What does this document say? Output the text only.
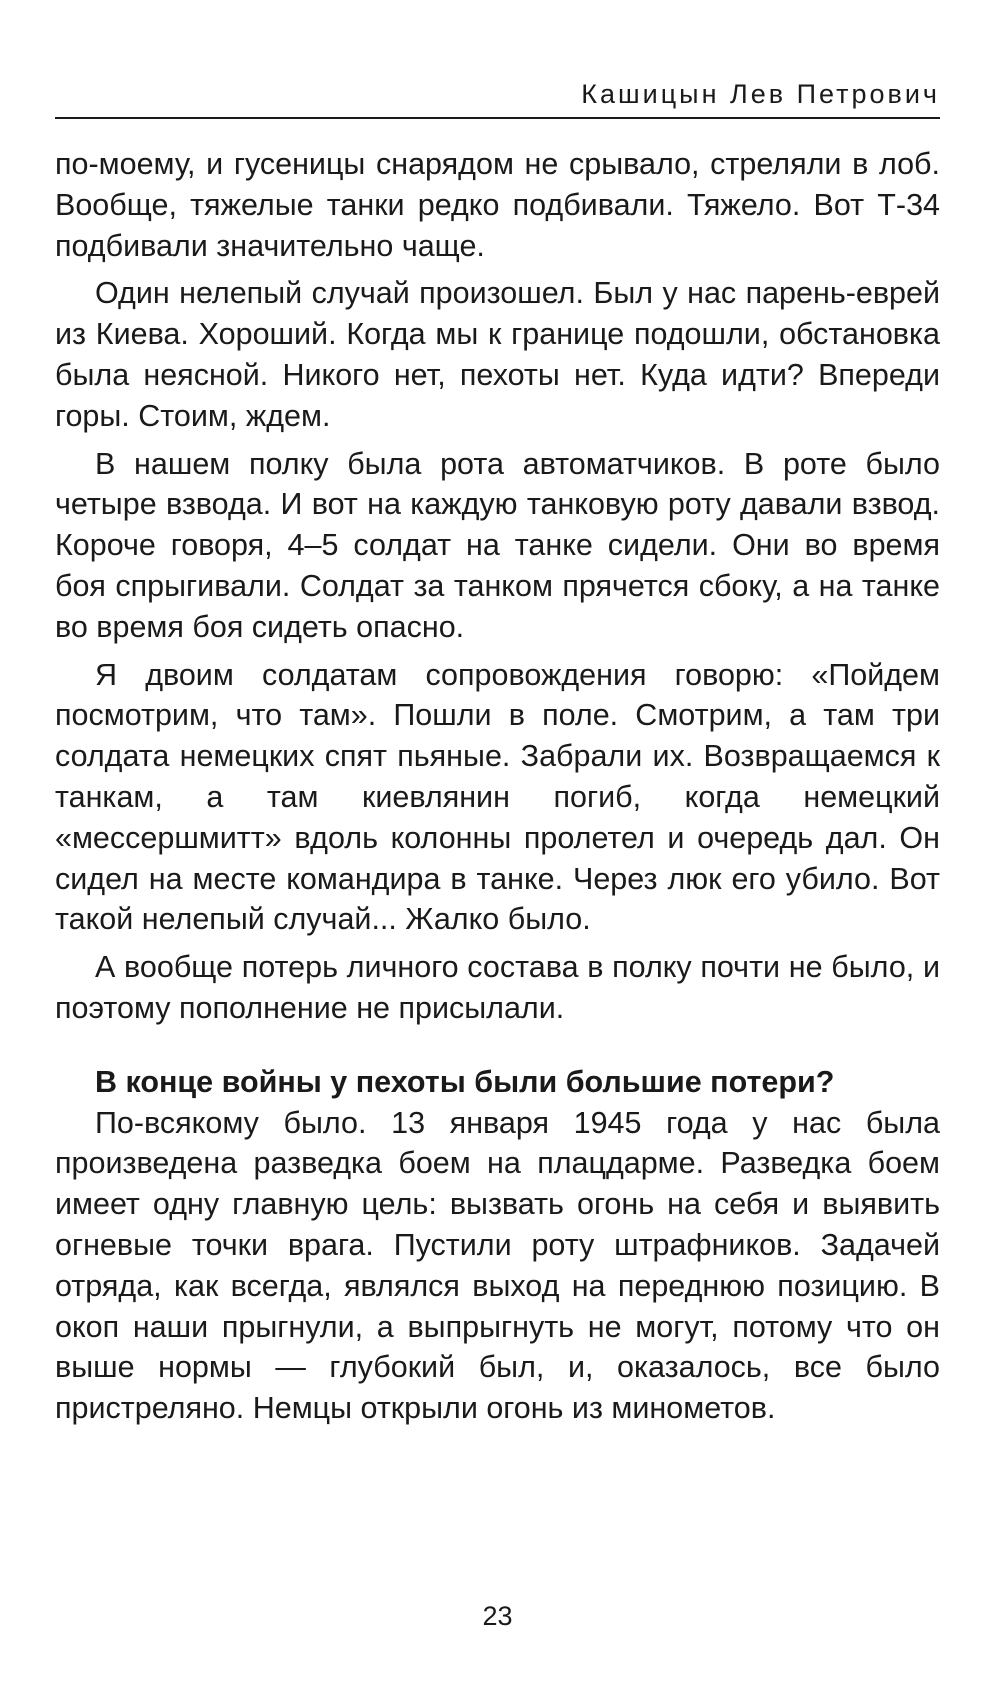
Кашицын Лев Петрович

по-моему, и гусеницы снарядом не срывало, стреляли в лоб. Вообще, тяжелые танки редко подбивали. Тяжело. Вот Т-34 подбивали значительно чаще.

Один нелепый случай произошел. Был у нас парень-еврей из Киева. Хороший. Когда мы к границе подошли, обстановка была неясной. Никого нет, пехоты нет. Куда идти? Впереди горы. Стоим, ждем.

В нашем полку была рота автоматчиков. В роте было четыре взвода. И вот на каждую танковую роту давали взвод. Короче говоря, 4–5 солдат на танке сидели. Они во время боя спрыгивали. Солдат за танком прячется сбоку, а на танке во время боя сидеть опасно.

Я двоим солдатам сопровождения говорю: «Пойдем посмотрим, что там». Пошли в поле. Смотрим, а там три солдата немецких спят пьяные. Забрали их. Возвращаемся к танкам, а там киевлянин погиб, когда немецкий «мессершмитт» вдоль колонны пролетел и очередь дал. Он сидел на месте командира в танке. Через люк его убило. Вот такой нелепый случай... Жалко было.

А вообще потерь личного состава в полку почти не было, и поэтому пополнение не присылали.

В конце войны у пехоты были большие потери?

По-всякому было. 13 января 1945 года у нас была произведена разведка боем на плацдарме. Разведка боем имеет одну главную цель: вызвать огонь на себя и выявить огневые точки врага. Пустили роту штрафников. Задачей отряда, как всегда, являлся выход на переднюю позицию. В окоп наши прыгнули, а выпрыгнуть не могут, потому что он выше нормы — глубокий был, и, оказалось, все было пристреляно. Немцы открыли огонь из минометов.

23
